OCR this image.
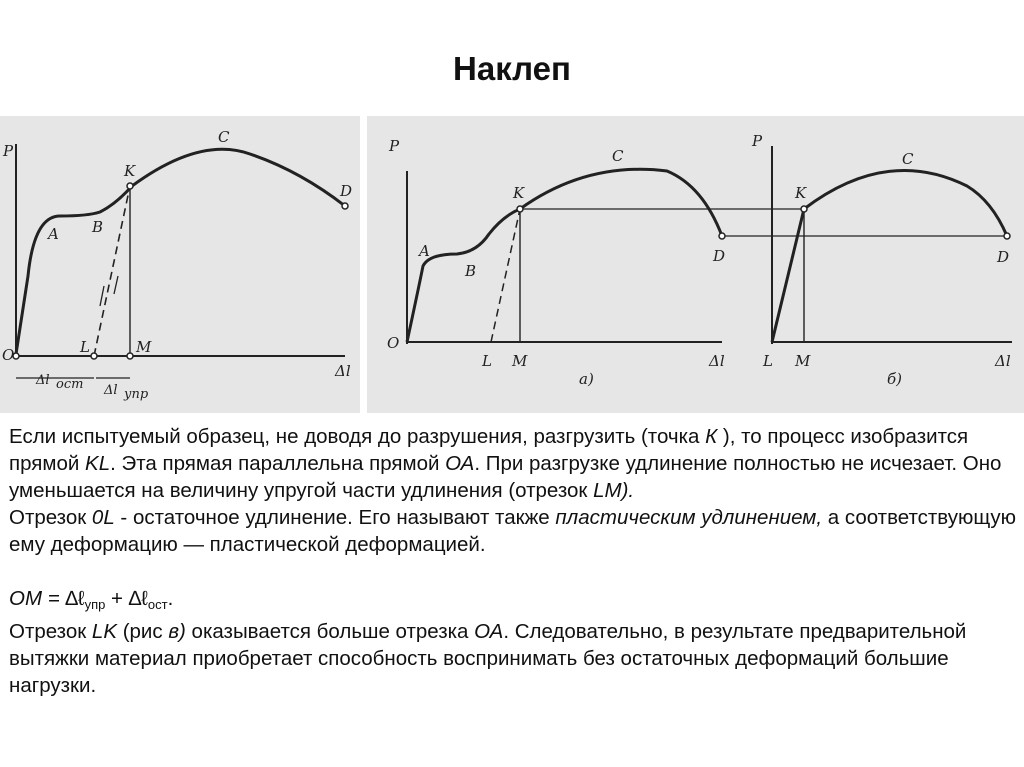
Наклеп
P
Δl
O
A B
K
C
D
L	M
Δl ост Δl упр
P
O
A
B
K
C
D
L M	Δl
а)
P
K
C
D
L M	Δl
б)

Если испытуемый образец, не доводя до разрушения, разгрузить (точка К ), то процесс изобразится прямой KL. Эта прямая параллельна прямой ОА. При разгрузке удлинение полностью не исчезает. Оно уменьшается на величину упругой части удлинения (отрезок LM).

Отрезок 0L - остаточное удлинение. Его называют также пластическим удлинением, а соответствующую ему деформацию — пластической деформацией.

OM = ∆ℓ$_{упр}$ + ∆ℓ$_{ост}$.

Отрезок LK (рис в) оказывается больше отрезка ОА. Следовательно, в результате предварительной вытяжки материал приобретает способность воспринимать без остаточных деформаций большие нагрузки.
